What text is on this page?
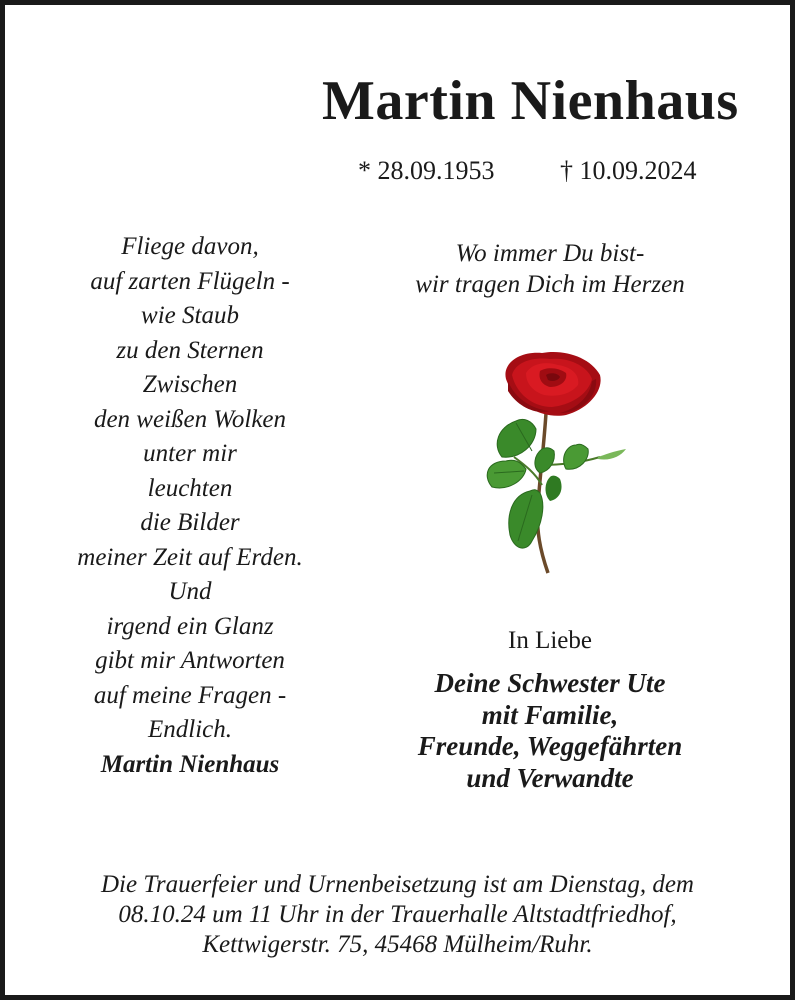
Martin Nienhaus
* 28.09.1953	† 10.09.2024
Fliege davon,
auf zarten Flügeln -
wie Staub
zu den Sternen
Zwischen
den weißen Wolken
unter mir
leuchten
die Bilder
meiner Zeit auf Erden.
Und
irgend ein Glanz
gibt mir Antworten
auf meine Fragen -
Endlich.
Martin Nienhaus
Wo immer Du bist-
wir tragen Dich im Herzen
In Liebe
Deine Schwester Ute
mit Familie,
Freunde, Weggefährten
und Verwandte
Die Trauerfeier und Urnenbeisetzung ist am Dienstag, dem
08.10.24 um 11 Uhr in der Trauerhalle Altstadtfriedhof,
Kettwigerstr. 75, 45468 Mülheim/Ruhr.
